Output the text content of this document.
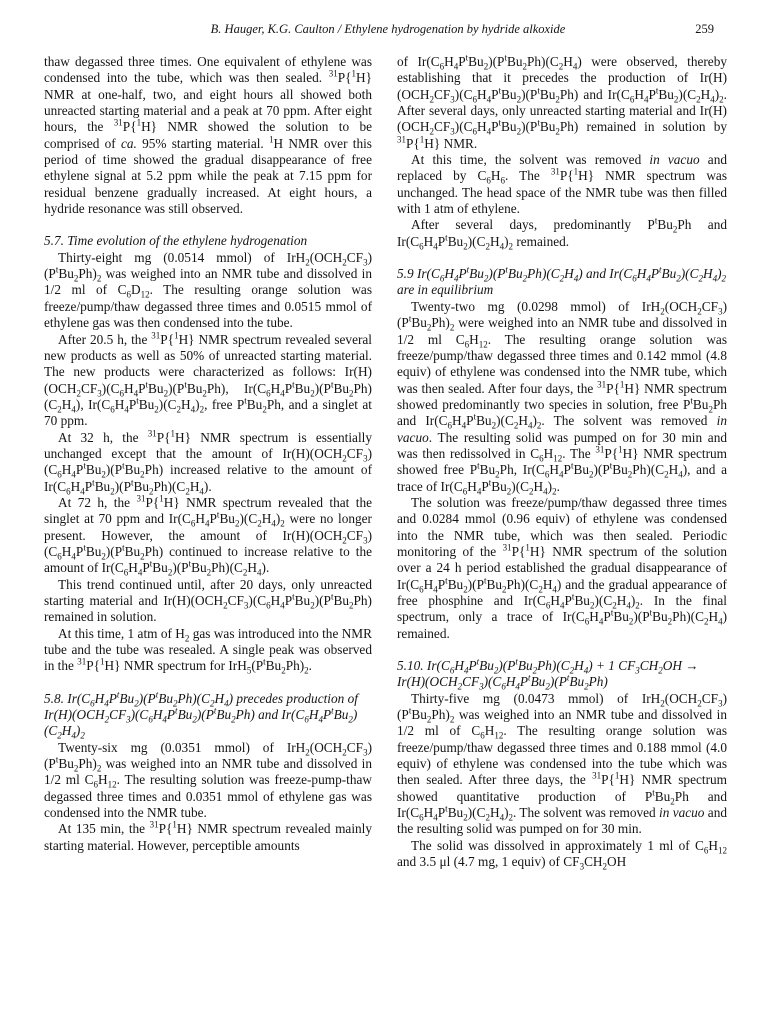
B. Hauger, K.G. Caulton / Ethylene hydrogenation by hydride alkoxide	259

thaw degassed three times. One equivalent of ethylene was condensed into the tube, which was then sealed. $^{31}$P{$^1$H} NMR at one-half, two, and eight hours all showed both unreacted starting material and a peak at 70 ppm. After eight hours, the $^{31}$P{$^1$H} NMR showed the solution to be comprised of ca. 95% starting material. $^1$H NMR over this period of time showed the gradual disappearance of free ethylene signal at 5.2 ppm while the peak at 7.15 ppm for residual benzene gradually increased. At eight hours, a hydride resonance was still observed.

5.7. Time evolution of the ethylene hydrogenation

Thirty-eight mg (0.0514 mmol) of $IrH_2(OCH_2CF_3)(P^tBu_2Ph)_2$ was weighed into an NMR tube and dissolved in 1/2 ml of $C_6D_{12}$. The resulting orange solution was freeze/pump/thaw degassed three times and 0.0515 mmol of ethylene gas was then condensed into the tube.

After 20.5 h, the $^{31}$P{$^1$H} NMR spectrum revealed several new products as well as 50% of unreacted starting material. The new products were characterized as follows: $Ir(H)(OCH_2CF_3)(C_6H_4P^tBu_2)(P^tBu_2Ph)$, $Ir(C_6H_4P^tBu_2)(P^tBu_2Ph)(C_2H_4)$, $Ir(C_6H_4P^tBu_2)(C_2H_4)_2$, free $P^tBu_2Ph$, and a singlet at 70 ppm.

At 32 h, the $^{31}$P{$^1$H} NMR spectrum is essentially unchanged except that the amount of $Ir(H)(OCH_2CF_3)(C_6H_4P^tBu_2)(P^tBu_2Ph)$ increased relative to the amount of $Ir(C_6H_4P^tBu_2)(P^tBu_2Ph)(C_2H_4)$.

At 72 h, the $^{31}$P{$^1$H} NMR spectrum revealed that the singlet at 70 ppm and $Ir(C_6H_4P^tBu_2)(C_2H_4)_2$ were no longer present. However, the amount of $Ir(H)(OCH_2CF_3)(C_6H_4P^tBu_2)(P^tBu_2Ph)$ continued to increase relative to the amount of $Ir(C_6H_4P^tBu_2)(P^tBu_2Ph)(C_2H_4)$.

This trend continued until, after 20 days, only unreacted starting material and $Ir(H)(OCH_2CF_3)(C_6H_4P^tBu_2)(P^tBu_2Ph)$ remained in solution.

At this time, 1 atm of $H_2$ gas was introduced into the NMR tube and the tube was resealed. A single peak was observed in the $^{31}$P{$^1$H} NMR spectrum for $IrH_5(P^tBu_2Ph)_2$.

5.8. $Ir(C_6H_4P^tBu_2)(P^tBu_2Ph)(C_2H_4)$ precedes production of $Ir(H)(OCH_2CF_3)(C_6H_4P^tBu_2)(P^tBu_2Ph)$ and $Ir(C_6H_4P^tBu_2)(C_2H_4)_2$

Twenty-six mg (0.0351 mmol) of $IrH_2(OCH_2CF_3)(P^tBu_2Ph)_2$ was weighed into an NMR tube and dissolved in 1/2 ml $C_6H_{12}$. The resulting solution was freeze-pump-thaw degassed three times and 0.0351 mmol of ethylene gas was condensed into the NMR tube.

At 135 min, the $^{31}$P{$^1$H} NMR spectrum revealed mainly starting material. However, perceptible amounts

of $Ir(C_6H_4P^tBu_2)(P^tBu_2Ph)(C_2H_4)$ were observed, thereby establishing that it precedes the production of $Ir(H)(OCH_2CF_3)(C_6H_4P^tBu_2)(P^tBu_2Ph)$ and $Ir(C_6H_4P^tBu_2)(C_2H_4)_2$. After several days, only unreacted starting material and $Ir(H)(OCH_2CF_3)(C_6H_4P^tBu_2)(P^tBu_2Ph)$ remained in solution by $^{31}$P{$^1$H} NMR.

At this time, the solvent was removed in vacuo and replaced by $C_6H_6$. The $^{31}$P{$^1$H} NMR spectrum was unchanged. The head space of the NMR tube was then filled with 1 atm of ethylene.

After several days, predominantly $P^tBu_2Ph$ and $Ir(C_6H_4P^tBu_2)(C_2H_4)_2$ remained.

5.9 $Ir(C_6H_4P^tBu_2)(P^tBu_2Ph)(C_2H_4)$ and $Ir(C_6H_4P^tBu_2)(C_2H_4)_2$ are in equilibrium

Twenty-two mg (0.0298 mmol) of $IrH_2(OCH_2CF_3)(P^tBu_2Ph)_2$ were weighed into an NMR tube and dissolved in 1/2 ml $C_6H_{12}$. The resulting orange solution was freeze/pump/thaw degassed three times and 0.142 mmol (4.8 equiv) of ethylene was condensed into the NMR tube, which was then sealed. After four days, the $^{31}$P{$^1$H} NMR spectrum showed predominantly two species in solution, free $P^tBu_2Ph$ and $Ir(C_6H_4P^tBu_2)(C_2H_4)_2$. The solvent was removed in vacuo. The resulting solid was pumped on for 30 min and was then redissolved in $C_6H_{12}$. The $^{31}$P{$^1$H} NMR spectrum showed free $P^tBu_2Ph$, $Ir(C_6H_4P^tBu_2)(P^tBu_2Ph)(C_2H_4)$, and a trace of $Ir(C_6H_4P^tBu_2)(C_2H_4)_2$.

The solution was freeze/pump/thaw degassed three times and 0.0284 mmol (0.96 equiv) of ethylene was condensed into the NMR tube, which was then sealed. Periodic monitoring of the $^{31}$P{$^1$H} NMR spectrum of the solution over a 24 h period established the gradual disappearance of $Ir(C_6H_4P^tBu_2)(P^tBu_2Ph)(C_2H_4)$ and the gradual appearance of free phosphine and $Ir(C_6H_4P^tBu_2)(C_2H_4)_2$. In the final spectrum, only a trace of $Ir(C_6H_4P^tBu_2)(P^tBu_2Ph)(C_2H_4)$ remained.

5.10. $Ir(C_6H_4P^tBu_2)(P^tBu_2Ph)(C_2H_4) + 1$ $CF_3CH_2OH \to Ir(H)(OCH_2CF_3)(C_6H_4P^tBu_2)(P^tBu_2Ph)$

Thirty-five mg (0.0473 mmol) of $IrH_2(OCH_2CF_3)(P^tBu_2Ph)_2$ was weighed into an NMR tube and dissolved in 1/2 ml of $C_6H_{12}$. The resulting orange solution was freeze/pump/thaw degassed three times and 0.188 mmol (4.0 equiv) of ethylene was condensed into the tube which was then sealed. After three days, the $^{31}$P{$^1$H} NMR spectrum showed quantitative production of $P^tBu_2Ph$ and $Ir(C_6H_4P^tBu_2)(C_2H_4)_2$. The solvent was removed in vacuo and the resulting solid was pumped on for 30 min.

The solid was dissolved in approximately 1 ml of $C_6H_{12}$ and 3.5 μl (4.7 mg, 1 equiv) of $CF_3CH_2OH$
